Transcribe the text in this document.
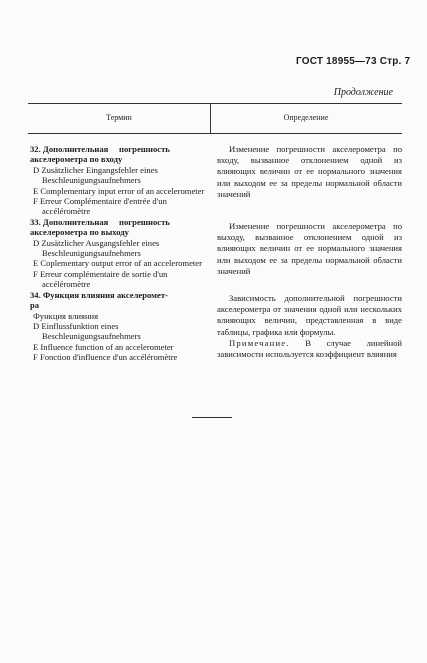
ГОСТ 18955—73 Стр. 7
Продолжение
Термин	Определение
32. Дополнительная     погрешность
акселерометра по входу
D Zusätzlicher Eingangsfehler eines Beschleunigungsaufnehmers
E Complementary input error of an accelerometer
F Erreur Complémentaire d'entrée d'un accéléromètre
33. Дополнительная     погрешность
акселерометра по выходу
D Zusätzlicher Ausgangsfehler eines Beschleunigungsaufnehmers
E Coplementary output error of an accelerometer
F Erreur complémentaire de sortie d'un accéléromètre
34. Функция влияния акселеромет-
ра
Функция влияния
D Einflussfunktion eines Beschleunigungsaufnehmers
E Influence function of an accelerometer
F Fonction d'influence d'un accéléromètre

Изменение погрешности акселерометра по входу, вызванное отклонением одной из влияющих величин от ее нормального значения или выходом ее за пределы нормальной области значений

Изменение погрешности акселерометра по выходу, вызванное отклонением одной из влияющих величин от ее нормального значения или выходом ее за пределы нормальной области значений

Зависимость дополнительной погрешности акселерометра от значения одной или нескольких влияющих величин, представленная в виде таблицы, графика или формулы.

Примечание. В случае линейной зависимости используется коэффициент влияния
